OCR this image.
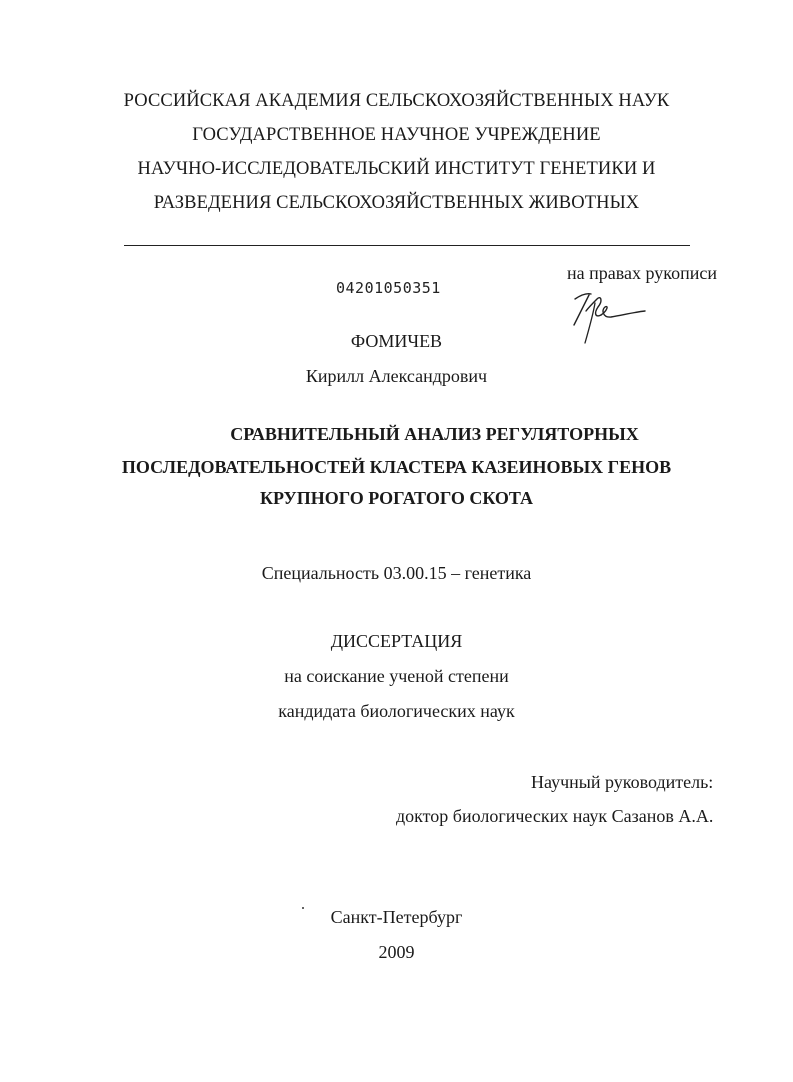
РОССИЙСКАЯ АКАДЕМИЯ СЕЛЬСКОХОЗЯЙСТВЕННЫХ НАУК
ГОСУДАРСТВЕННОЕ НАУЧНОЕ УЧРЕЖДЕНИЕ
НАУЧНО-ИССЛЕДОВАТЕЛЬСКИЙ ИНСТИТУТ ГЕНЕТИКИ И
РАЗВЕДЕНИЯ СЕЛЬСКОХОЗЯЙСТВЕННЫХ ЖИВОТНЫХ
на правах рукописи
04201050351
ФОМИЧЕВ
Кирилл Александрович
СРАВНИТЕЛЬНЫЙ АНАЛИЗ РЕГУЛЯТОРНЫХ
ПОСЛЕДОВАТЕЛЬНОСТЕЙ КЛАСТЕРА КАЗЕИНОВЫХ ГЕНОВ
КРУПНОГО РОГАТОГО СКОТА
Специальность 03.00.15 – генетика
ДИССЕРТАЦИЯ
на соискание ученой степени
кандидата биологических наук
Научный руководитель:
доктор биологических наук Сазанов А.А.
Санкт-Петербург
2009
